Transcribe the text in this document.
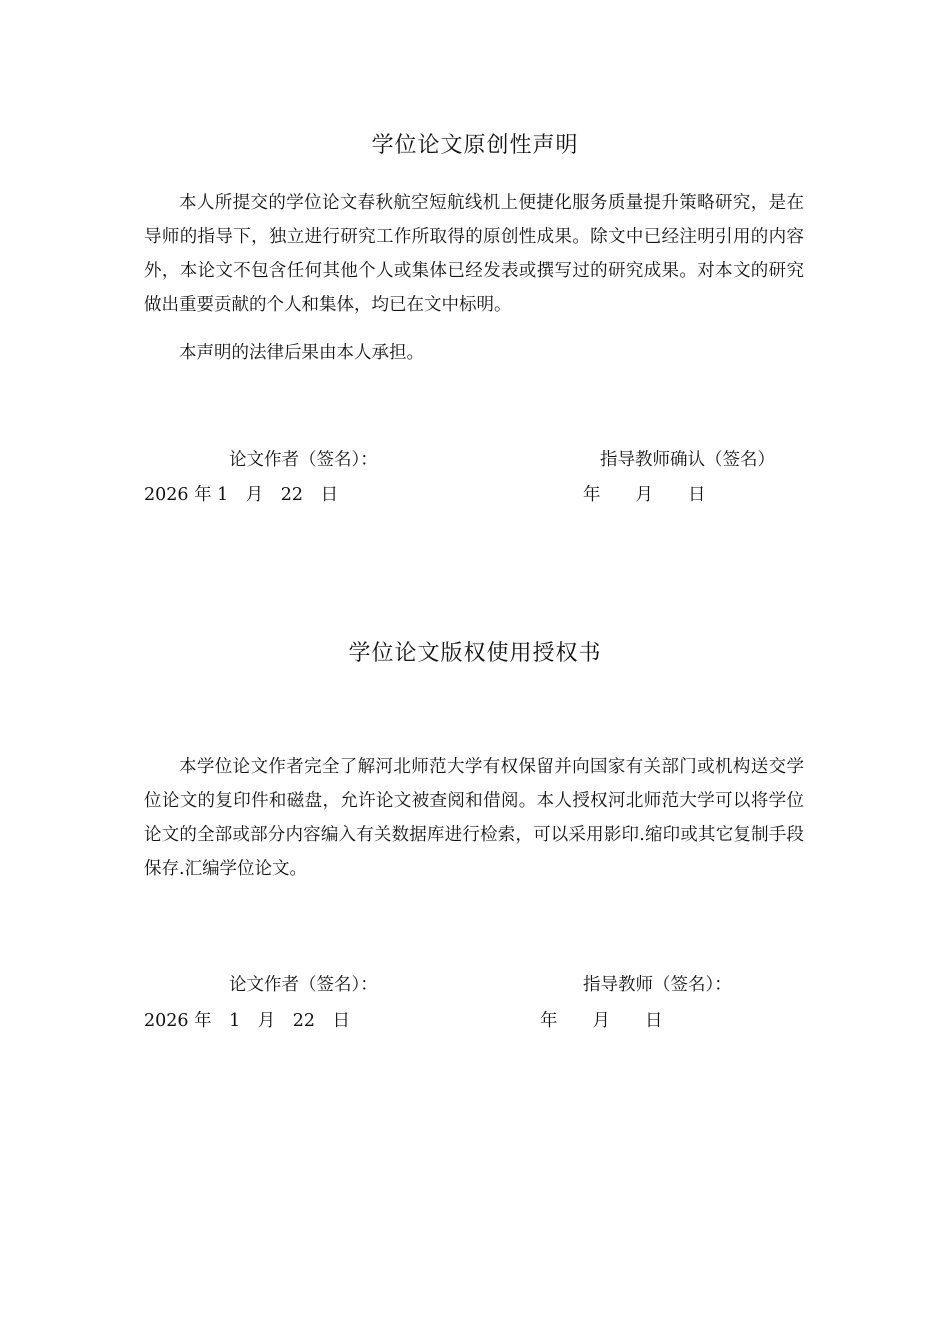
学位论文原创性声明
本人所提交的学位论文春秋航空短航线机上便捷化服务质量提升策略研究，是在导师的指导下，独立进行研究工作所取得的原创性成果。除文中已经注明引用的内容外，本论文不包含任何其他个人或集体已经发表或撰写过的研究成果。对本文的研究做出重要贡献的个人和集体，均已在文中标明。
本声明的法律后果由本人承担。
论文作者（签名）：	指导教师确认（签名）
2026 年 1　月　22　日	年　　月　　日
学位论文版权使用授权书
本学位论文作者完全了解河北师范大学有权保留并向国家有关部门或机构送交学位论文的复印件和磁盘，允许论文被查阅和借阅。本人授权河北师范大学可以将学位论文的全部或部分内容编入有关数据库进行检索，可以采用影印.缩印或其它复制手段保存.汇编学位论文。
论文作者（签名）：	指导教师（签名）：
2026 年　1　月　22　日	年　　月　　日
